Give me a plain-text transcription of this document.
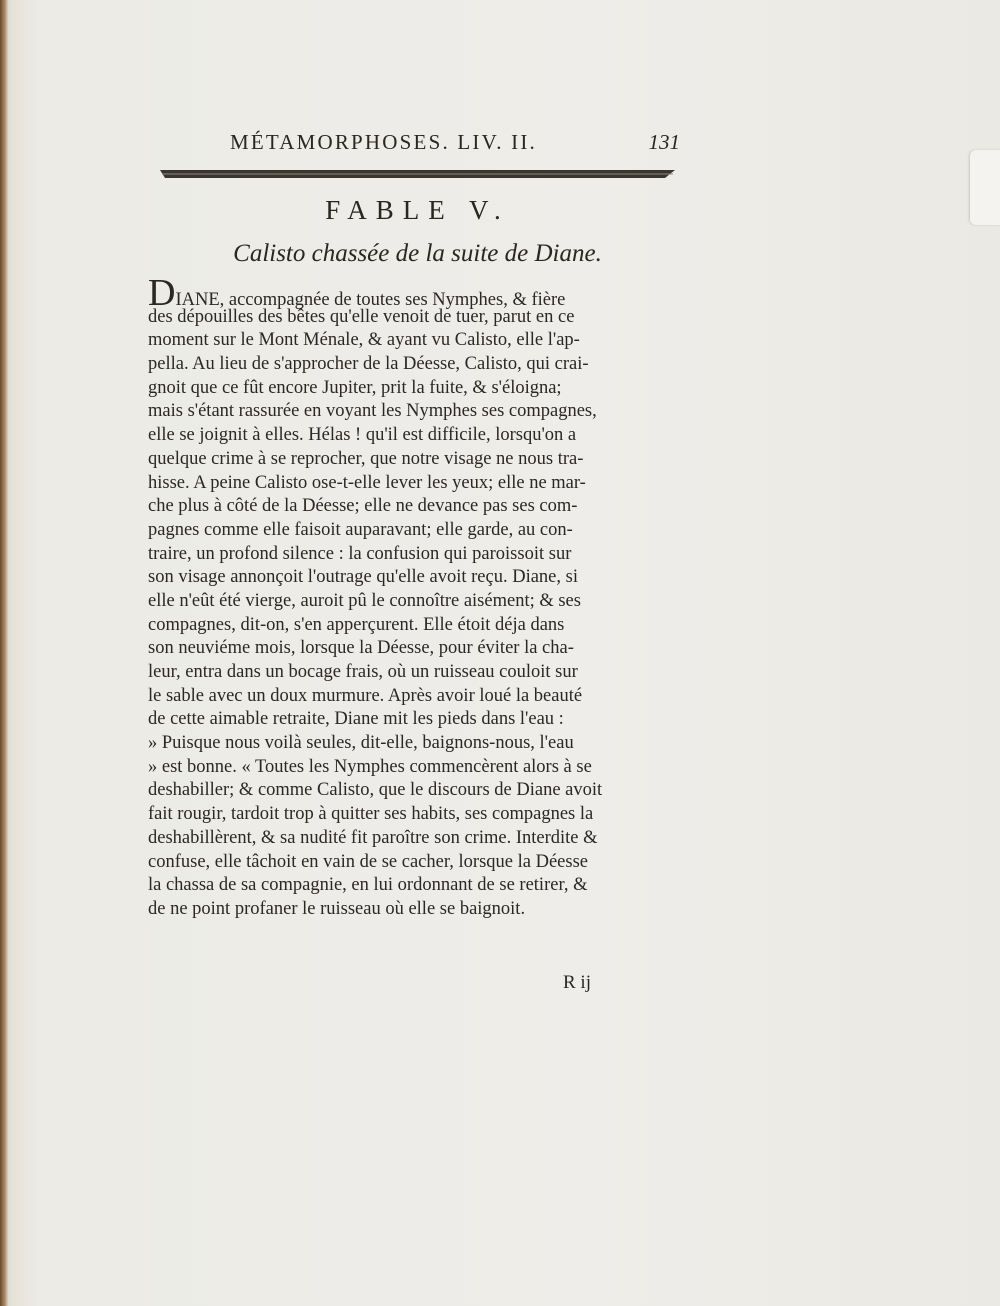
MÉTAMORPHOSES. LIV. II.	131
FABLE V.
Calisto chassée de la suite de Diane.
DIANE, accompagnée de toutes ses Nymphes, & fière
des dépouilles des bêtes qu'elle venoit de tuer, parut en ce
moment sur le Mont Ménale, & ayant vu Calisto, elle l'ap-
pella. Au lieu de s'approcher de la Déesse, Calisto, qui crai-
gnoit que ce fût encore Jupiter, prit la fuite, & s'éloigna;
mais s'étant rassurée en voyant les Nymphes ses compagnes,
elle se joignit à elles. Hélas ! qu'il est difficile, lorsqu'on a
quelque crime à se reprocher, que notre visage ne nous tra-
hisse. A peine Calisto ose-t-elle lever les yeux; elle ne mar-
che plus à côté de la Déesse; elle ne devance pas ses com-
pagnes comme elle faisoit auparavant; elle garde, au con-
traire, un profond silence : la confusion qui paroissoit sur
son visage annonçoit l'outrage qu'elle avoit reçu. Diane, si
elle n'eût été vierge, auroit pû le connoître aisément; & ses
compagnes, dit-on, s'en apperçurent. Elle étoit déja dans
son neuviéme mois, lorsque la Déesse, pour éviter la cha-
leur, entra dans un bocage frais, où un ruisseau couloit sur
le sable avec un doux murmure. Après avoir loué la beauté
de cette aimable retraite, Diane mit les pieds dans l'eau :
» Puisque nous voilà seules, dit-elle, baignons-nous, l'eau
» est bonne. « Toutes les Nymphes commencèrent alors à se
deshabiller; & comme Calisto, que le discours de Diane avoit
fait rougir, tardoit trop à quitter ses habits, ses compagnes la
deshabillèrent, & sa nudité fit paroître son crime. Interdite &
confuse, elle tâchoit en vain de se cacher, lorsque la Déesse
la chassa de sa compagnie, en lui ordonnant de se retirer, &
de ne point profaner le ruisseau où elle se baignoit.
R ij
